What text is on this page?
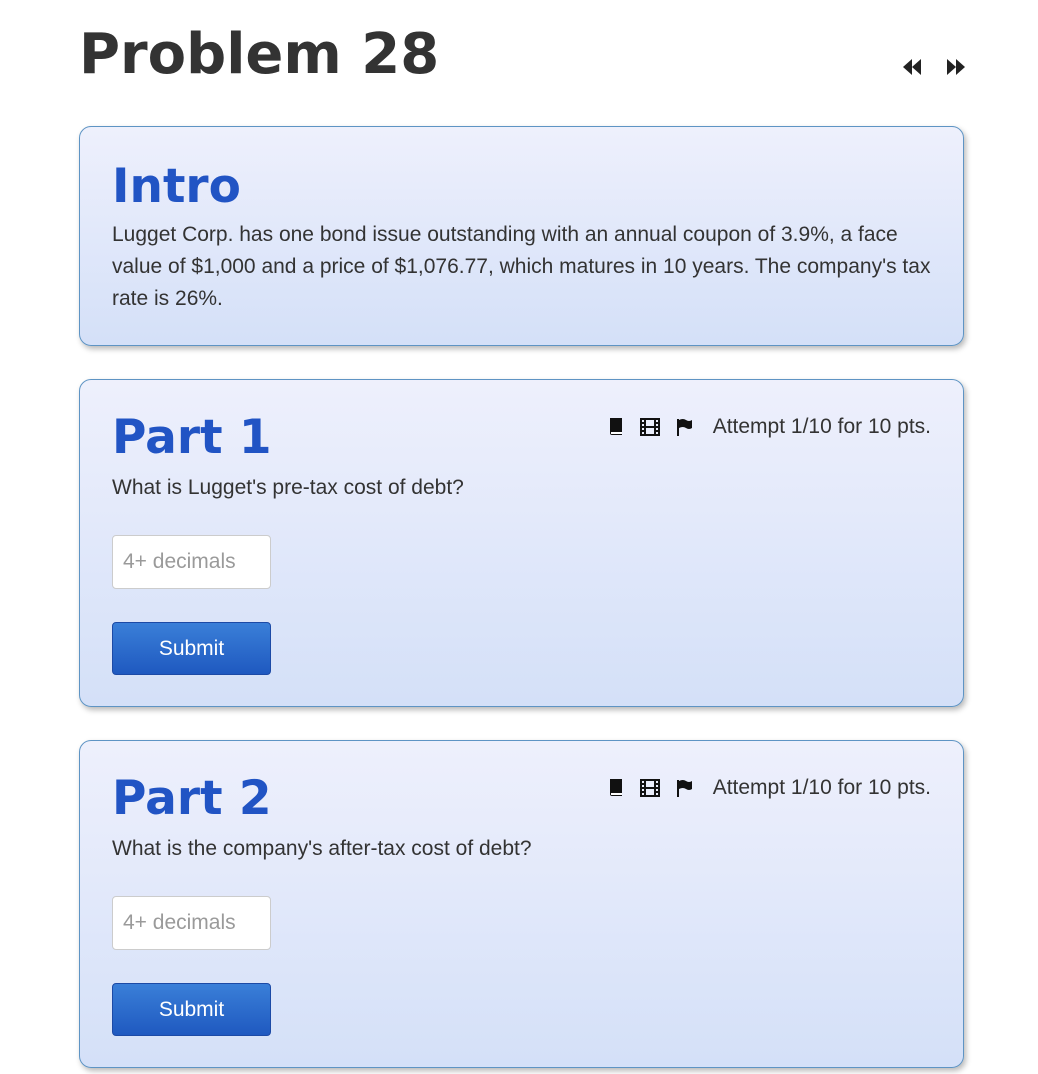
Problem 28
Intro

Lugget Corp. has one bond issue outstanding with an annual coupon of 3.9%, a face value of $1,000 and a price of $1,076.77, which matures in 10 years. The company's tax rate is 26%.

Part 1	Attempt 1/10 for 10 pts.

What is Lugget's pre-tax cost of debt?

4+ decimals
Submit
Part 2	Attempt 1/10 for 10 pts.

What is the company's after-tax cost of debt?

4+ decimals
Submit
